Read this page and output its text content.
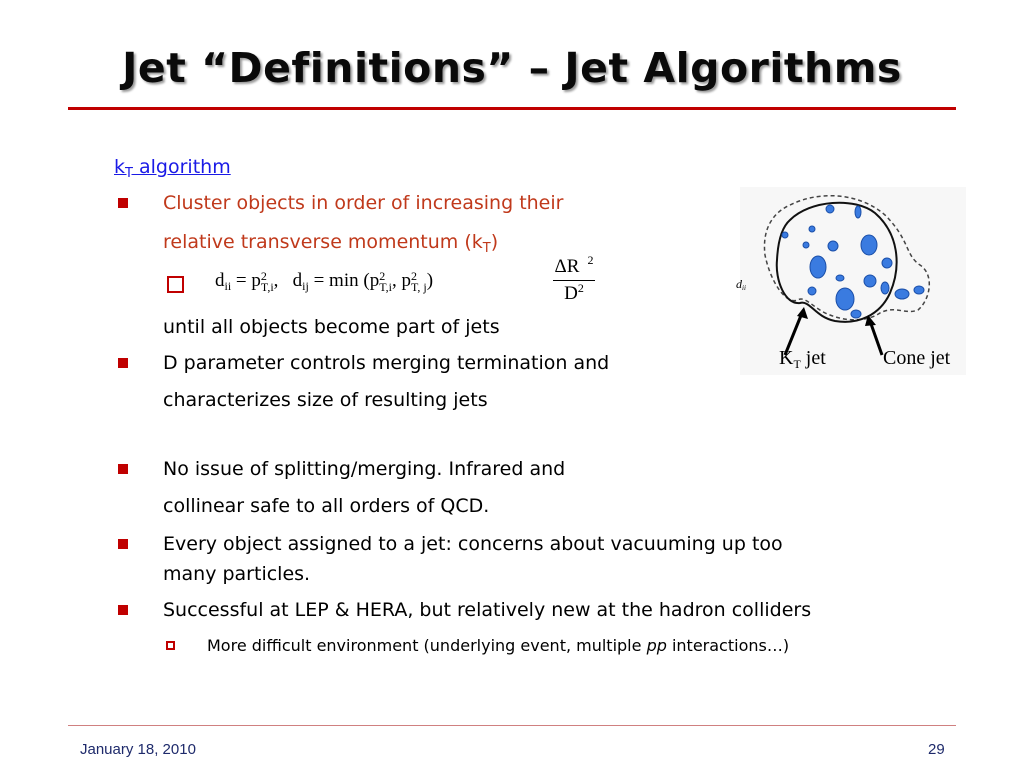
Jet “Definitions” – Jet Algorithms
$k_T$ algorithm
Cluster objects in order of increasing their
relative transverse momentum $(k_T)$
$d_{ii} = p$ 2
T,i , $d_{ij} = \min (p$ 2
T,i , p 2
T, j )
ΔR $^2$
$D^2$
until all objects become part of jets
D parameter controls merging termination and
characterizes size of resulting jets
No issue of splitting/merging. Infrared and
collinear safe to all orders of QCD.
Every object assigned to a jet: concerns about vacuuming up too
many particles.
Successful at LEP & HERA, but relatively new at the hadron colliders
More difficult environment (underlying event, multiple pp interactions…)
dii
$K_T$ jet	Cone jet
January 18, 2010	29
